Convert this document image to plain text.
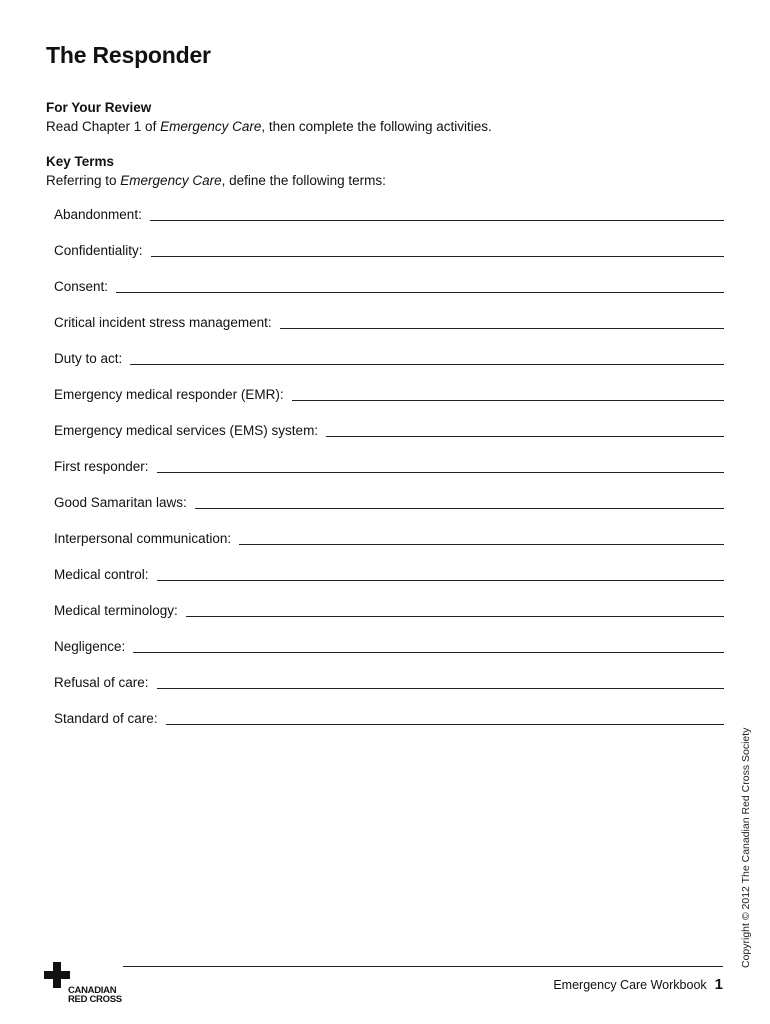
The Responder
For Your Review
Read Chapter 1 of Emergency Care, then complete the following activities.
Key Terms
Referring to Emergency Care, define the following terms:
Abandonment:
Confidentiality:
Consent:
Critical incident stress management:
Duty to act:
Emergency medical responder (EMR):
Emergency medical services (EMS) system:
First responder:
Good Samaritan laws:
Interpersonal communication:
Medical control:
Medical terminology:
Negligence:
Refusal of care:
Standard of care:
Copyright © 2012 The Canadian Red Cross Society
Emergency Care Workbook 1
CANADIAN
RED CROSS
